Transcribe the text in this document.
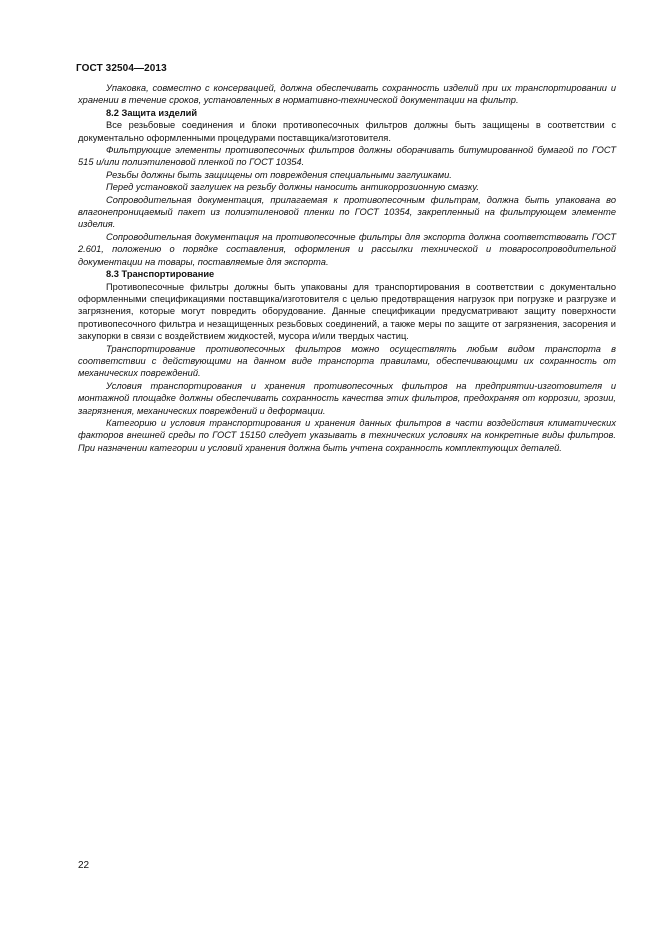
ГОСТ 32504—2013

Упаковка, совместно с консервацией, должна обеспечивать сохранность изделий при их транспортировании и хранении в течение сроков, установленных в нормативно-технической документации на фильтр.

8.2 Защита изделий

Все резьбовые соединения и блоки противопесочных фильтров должны быть защищены в соответствии с документально оформленными процедурами поставщика/изготовителя.

Фильтрующие элементы противопесочных фильтров должны оборачивать битумированной бумагой по ГОСТ 515 и/или полиэтиленовой пленкой по ГОСТ 10354.

Резьбы должны быть защищены от повреждения специальными заглушками.

Перед установкой заглушек на резьбу должны наносить антикоррозионную смазку.

Сопроводительная документация, прилагаемая к противопесочным фильтрам, должна быть упакована во влагонепроницаемый пакет из полиэтиленовой пленки по ГОСТ 10354, закрепленный на фильтрующем элементе изделия.

Сопроводительная документация на противопесочные фильтры для экспорта должна соответствовать ГОСТ 2.601, положению о порядке составления, оформления и рассылки технической и товаросопроводительной документации на товары, поставляемые для экспорта.

8.3 Транспортирование

Противопесочные фильтры должны быть упакованы для транспортирования в соответствии с документально оформленными спецификациями поставщика/изготовителя с целью предотвращения нагрузок при погрузке и разгрузке и загрязнения, которые могут повредить оборудование. Данные спецификации предусматривают защиту поверхности противопесочного фильтра и незащищенных резьбовых соединений, а также меры по защите от загрязнения, засорения и закупорки в связи с воздействием жидкостей, мусора и/или твердых частиц.

Транспортирование противопесочных фильтров можно осуществлять любым видом транспорта в соответствии с действующими на данном виде транспорта правилами, обеспечивающими их сохранность от механических повреждений.

Условия транспортирования и хранения противопесочных фильтров на предприятии-изготовителя и монтажной площадке должны обеспечивать сохранность качества этих фильтров, предохраняя от коррозии, эрозии, загрязнения, механических повреждений и деформации.

Категорию и условия транспортирования и хранения данных фильтров в части воздействия климатических факторов внешней среды по ГОСТ 15150 следует указывать в технических условиях на конкретные виды фильтров. При назначении категории и условий хранения должна быть учтена сохранность комплектующих деталей.

22
